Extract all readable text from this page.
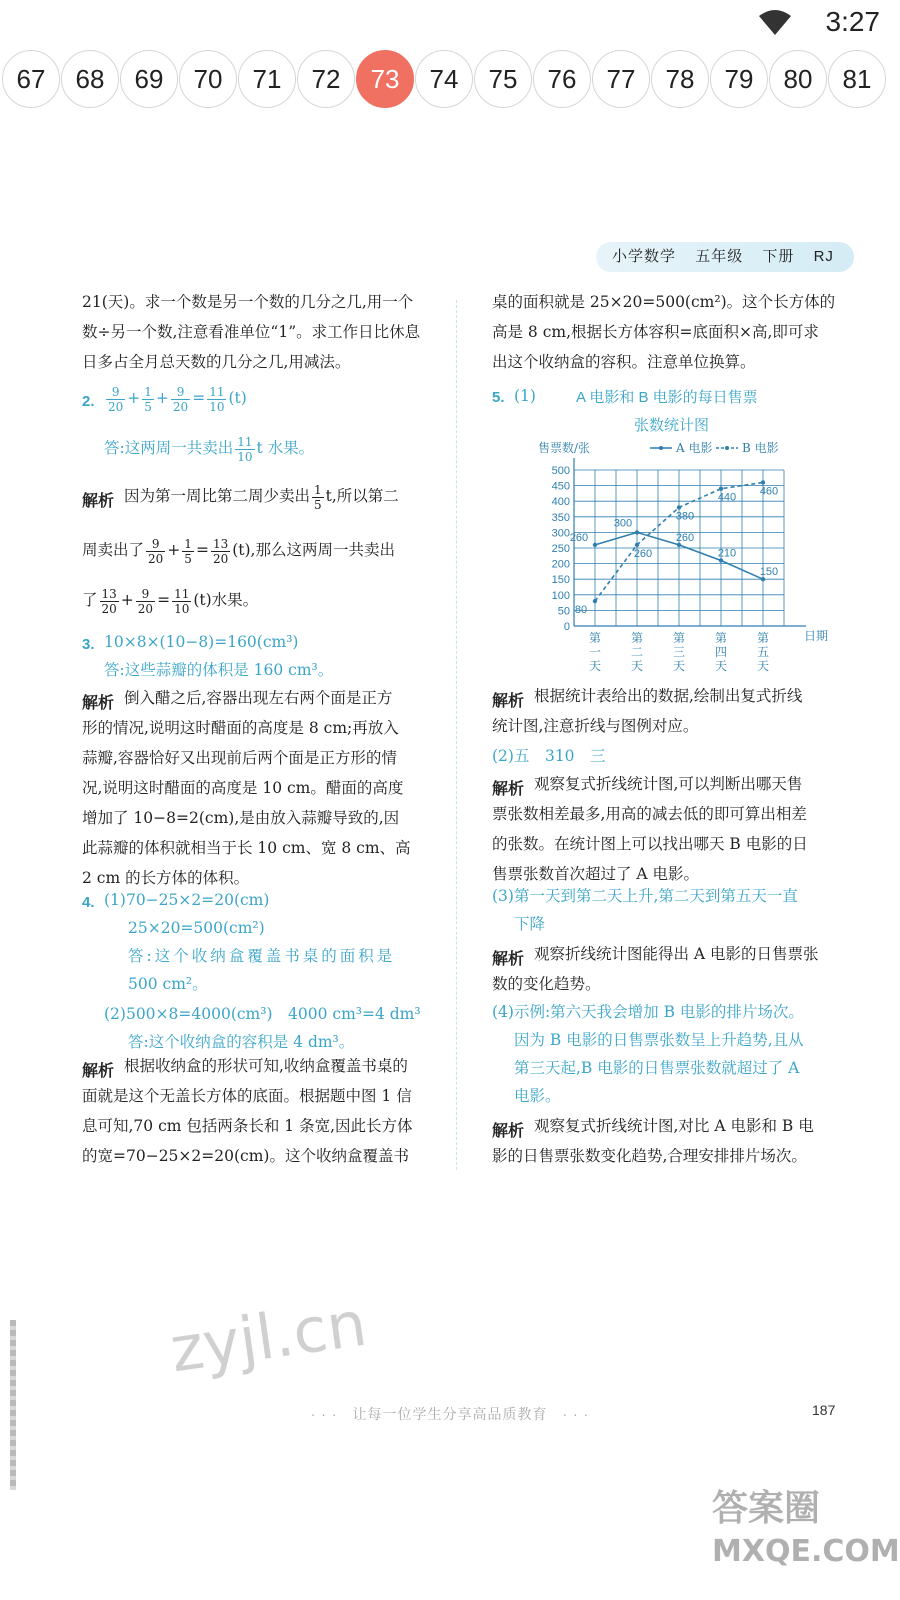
3:27
67	68	69	70	71	72	73	74	75	76	77	78	79	80	81
小学数学 五年级 下册 RJ
21(天)。求一个数是另一个数的几分之几,用一个
数÷另一个数,注意看准单位“1”。求工作日比休息
日多占全月总天数的几分之几,用减法。
2. $\frac{9}{20} + \frac{1}{5} + \frac{9}{20} = \frac{11}{10} (t)$
答:这两周一共卖出 $\frac{11}{10}$ t 水果。
解析 因为第一周比第二周少卖出 $\frac{1}{5} t$,所以第二
周卖出了 $\frac{9}{20} + \frac{1}{5} = \frac{13}{20} (t)$,那么这两周一共卖出
了 $\frac{13}{20} + \frac{9}{20} = \frac{11}{10} (t)$水果。
3. 10×8×(10−8)=160(cm³)
答:这些蒜瓣的体积是 160 cm³。
解析 倒入醋之后,容器出现左右两个面是正方
形的情况,说明这时醋面的高度是 8 cm;再放入
蒜瓣,容器恰好又出现前后两个面是正方形的情
况,说明这时醋面的高度是 10 cm。醋面的高度
增加了 10−8=2(cm),是由放入蒜瓣导致的,因
此蒜瓣的体积就相当于长 10 cm、宽 8 cm、高
2 cm 的长方体的体积。
4. (1)70−25×2=20(cm)
25×20=500(cm²)
答:这个收纳盒覆盖书桌的面积是
500 cm²。
(2)500×8=4000(cm³)　4000 cm³=4 dm³
答:这个收纳盒的容积是 4 dm³。
解析 根据收纳盒的形状可知,收纳盒覆盖书桌的
面就是这个无盖长方体的底面。根据题中图 1 信
息可知,70 cm 包括两条长和 1 条宽,因此长方体
的宽=70−25×2=20(cm)。这个收纳盒覆盖书
桌的面积就是 25×20=500(cm²)。这个长方体的
高是 8 cm,根据长方体容积=底面积×高,即可求
出这个收纳盒的容积。注意单位换算。
5. (1)	A 电影和 B 电影的每日售票
张数统计图
0
50
100
150
200
250
300
350
400
450
500
售票数/张
日期
第
一
天
第
二
天
第
三
天
第
四
天
第
五
天
A 电影 B 电影
260
300
260
210
150
80
260
380
440
460
解析 根据统计表给出的数据,绘制出复式折线
统计图,注意折线与图例对应。
(2)五　310　三
解析 观察复式折线统计图,可以判断出哪天售
票张数相差最多,用高的减去低的即可算出相差
的张数。在统计图上可以找出哪天 B 电影的日
售票张数首次超过了 A 电影。
(3)第一天到第二天上升,第二天到第五天一直
下降
解析 观察折线统计图能得出 A 电影的日售票张
数的变化趋势。
(4)示例:第六天我会增加 B 电影的排片场次。
因为 B 电影的日售票张数呈上升趋势,且从
第三天起,B 电影的日售票张数就超过了 A
电影。
解析 观察复式折线统计图,对比 A 电影和 B 电
影的日售票张数变化趋势,合理安排排片场次。
zyjl.cn
· · ·　让每一位学生分享高品质教育　· · ·	187
答案圈
MXQE.COM
